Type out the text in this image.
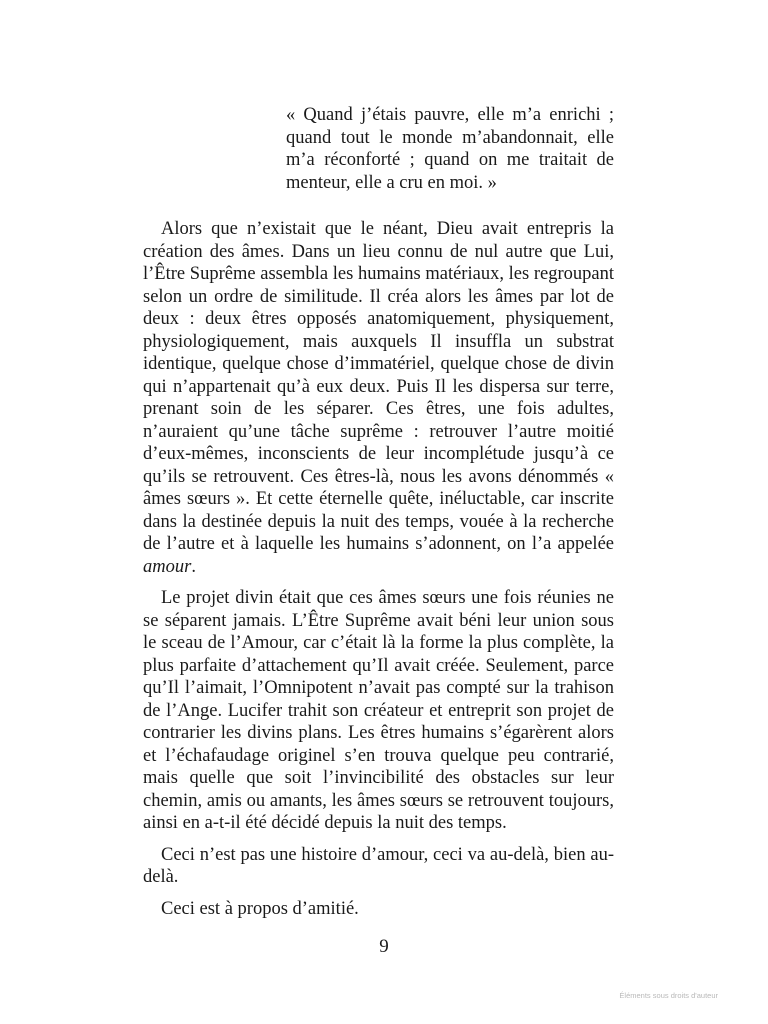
« Quand j’étais pauvre, elle m’a enrichi ; quand tout le monde m’abandonnait, elle m’a réconforté ; quand on me traitait de menteur, elle a cru en moi. »

Alors que n’existait que le néant, Dieu avait entrepris la création des âmes. Dans un lieu connu de nul autre que Lui, l’Être Suprême assembla les humains matériaux, les regroupant selon un ordre de similitude. Il créa alors les âmes par lot de deux : deux êtres opposés anatomiquement, physiquement, physiologiquement, mais auxquels Il insuffla un substrat identique, quelque chose d’immatériel, quelque chose de divin qui n’appartenait qu’à eux deux. Puis Il les dispersa sur terre, prenant soin de les séparer. Ces êtres, une fois adultes, n’auraient qu’une tâche suprême : retrouver l’autre moitié d’eux-mêmes, inconscients de leur incomplétude jusqu’à ce qu’ils se retrouvent. Ces êtres-là, nous les avons dénommés « âmes sœurs ». Et cette éternelle quête, inéluctable, car inscrite dans la destinée depuis la nuit des temps, vouée à la recherche de l’autre et à laquelle les humains s’adonnent, on l’a appelée amour.

Le projet divin était que ces âmes sœurs une fois réunies ne se séparent jamais. L’Être Suprême avait béni leur union sous le sceau de l’Amour, car c’était là la forme la plus complète, la plus parfaite d’attachement qu’Il avait créée. Seulement, parce qu’Il l’aimait, l’Omnipotent n’avait pas compté sur la trahison de l’Ange. Lucifer trahit son créateur et entreprit son projet de contrarier les divins plans. Les êtres humains s’égarèrent alors et l’échafaudage originel s’en trouva quelque peu contrarié, mais quelle que soit l’invincibilité des obstacles sur leur chemin, amis ou amants, les âmes sœurs se retrouvent toujours, ainsi en a-t-il été décidé depuis la nuit des temps.

Ceci n’est pas une histoire d’amour, ceci va au-delà, bien au-delà.

Ceci est à propos d’amitié.

9
Éléments sous droits d'auteur
